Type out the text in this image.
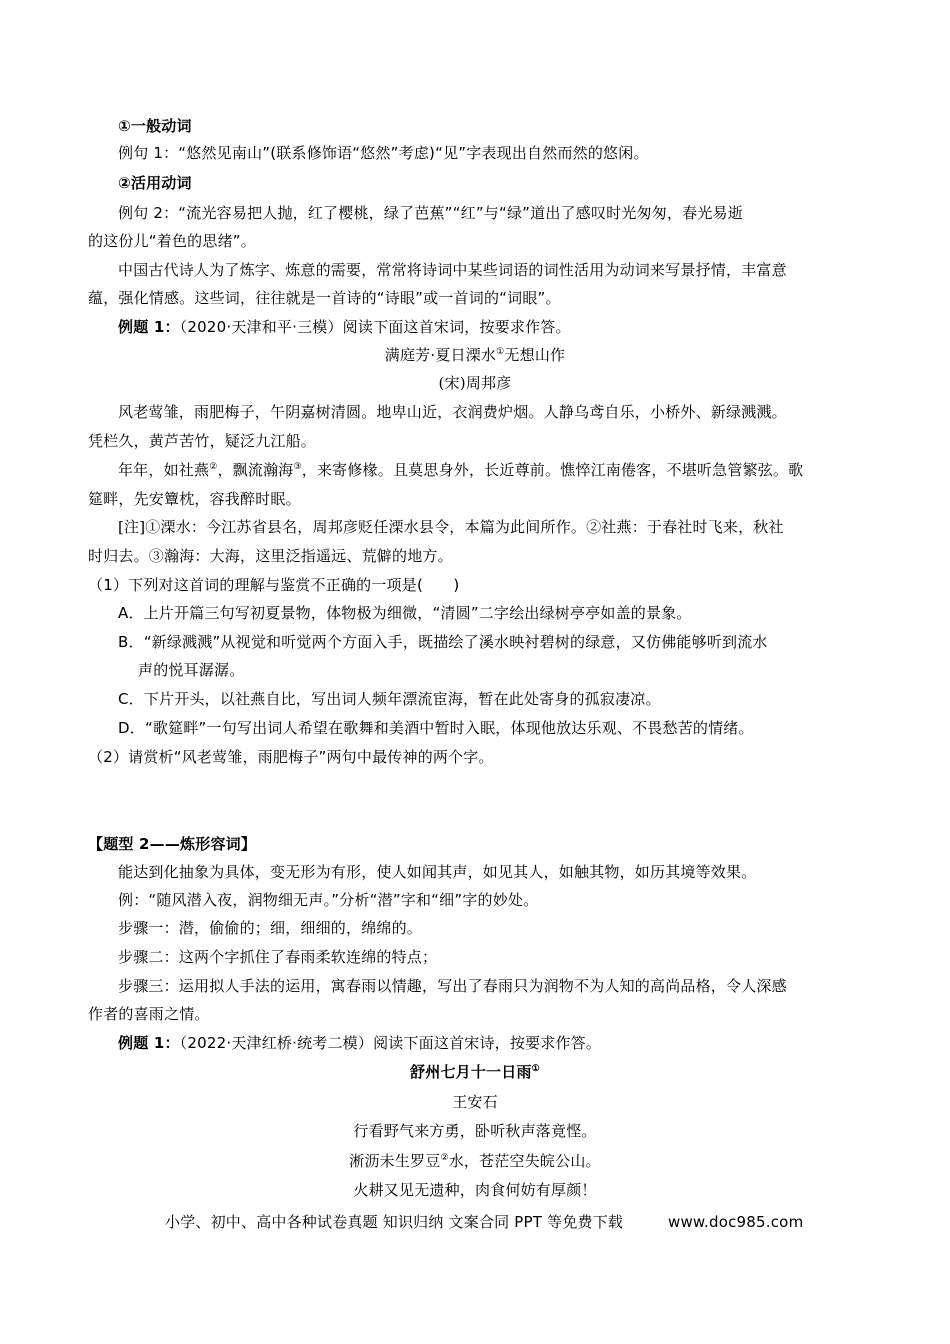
①一般动词
例句 1：“悠然见南山”(联系修饰语“悠然”考虑)“见”字表现出自然而然的悠闲。
②活用动词
例句 2：“流光容易把人抛，红了樱桃，绿了芭蕉”“红”与“绿”道出了感叹时光匆匆，春光易逝
的这份儿“着色的思绪”。
中国古代诗人为了炼字、炼意的需要，常常将诗词中某些词语的词性活用为动词来写景抒情，丰富意
蕴，强化情感。这些词，往往就是一首诗的“诗眼”或一首词的“词眼”。
例题 1：（2020·天津和平·三模）阅读下面这首宋词，按要求作答。
满庭芳·夏日溧水①无想山作
(宋)周邦彦
风老莺雏，雨肥梅子，午阴嘉树清圆。地卑山近，衣润费炉烟。人静乌鸢自乐，小桥外、新绿溅溅。
凭栏久，黄芦苦竹，疑泛九江船。
年年，如社燕②，飘流瀚海③，来寄修椽。且莫思身外，长近尊前。憔悴江南倦客，不堪听急管繁弦。歌
筵畔，先安簟枕，容我醉时眠。
[注]①溧水：今江苏省县名，周邦彦贬任溧水县令，本篇为此间所作。②社燕：于春社时飞来，秋社
时归去。③瀚海：大海，这里泛指遥远、荒僻的地方。
（1）下列对这首词的理解与鉴赏不正确的一项是(　　)
A．上片开篇三句写初夏景物，体物极为细微，“清圆”二字绘出绿树亭亭如盖的景象。
B．“新绿溅溅”从视觉和听觉两个方面入手，既描绘了溪水映衬碧树的绿意，又仿佛能够听到流水
声的悦耳潺潺。
C．下片开头，以社燕自比，写出词人频年漂流宦海，暂在此处寄身的孤寂凄凉。
D．“歌筵畔”一句写出词人希望在歌舞和美酒中暂时入眠，体现他放达乐观、不畏愁苦的情绪。
（2）请赏析“风老莺雏，雨肥梅子”两句中最传神的两个字。
【题型 2——炼形容词】
能达到化抽象为具体，变无形为有形，使人如闻其声，如见其人，如触其物，如历其境等效果。
例：“随风潜入夜，润物细无声。”分析“潜”字和“细”字的妙处。
步骤一：潜，偷偷的；细，细细的，绵绵的。
步骤二：这两个字抓住了春雨柔软连绵的特点；
步骤三：运用拟人手法的运用，寓春雨以情趣，写出了春雨只为润物不为人知的高尚品格，令人深感
作者的喜雨之情。
例题 1：（2022·天津红桥·统考二模）阅读下面这首宋诗，按要求作答。
舒州七月十一日雨①
王安石
行看野气来方勇，卧听秋声落竟悭。
淅沥未生罗豆②水，苍茫空失皖公山。
火耕又见无遗种，肉食何妨有厚颜！
小学、初中、高中各种试卷真题 知识归纳 文案合同 PPT 等免费下载	www.doc985.com
